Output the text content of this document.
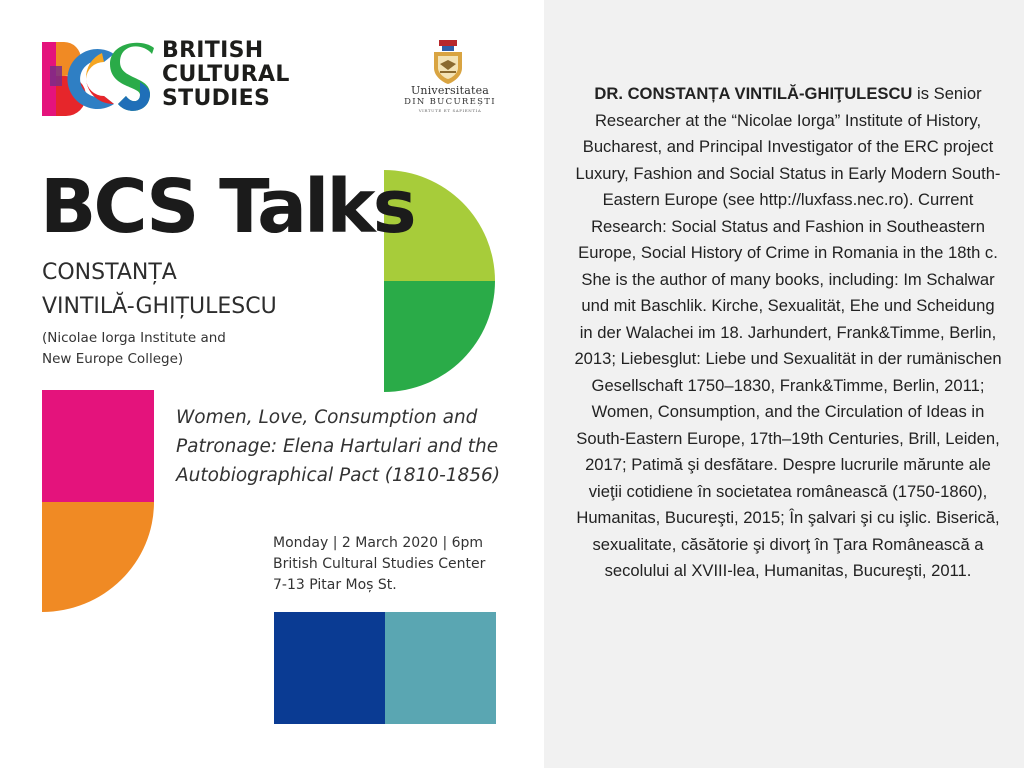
BRITISH
CULTURAL
STUDIES	Universitatea
DIN BUCUREȘTI
VIRTUTE ET SAPIENTIA
BCS Talks
CONSTANȚA
VINTILĂ-GHIȚULESCU
(Nicolae Iorga Institute and
New Europe College)
Women, Love, Consumption and
Patronage: Elena Hartulari and the
Autobiographical Pact (1810-1856)
Monday | 2 March 2020 | 6pm
British Cultural Studies Center
7-13 Pitar Moș St.

DR. CONSTANȚA VINTILĂ-GHIŢULESCU is Senior Researcher at the “Nicolae Iorga” Institute of History, Bucharest, and Principal Investigator of the ERC project Luxury, Fashion and Social Status in Early Modern South-Eastern Europe (see http://luxfass.nec.ro). Current Research: Social Status and Fashion in Southeastern Europe, Social History of Crime in Romania in the 18th c. She is the author of many books, including: Im Schalwar und mit Baschlik. Kirche, Sexualität, Ehe und Scheidung in der Walachei im 18. Jarhundert, Frank&Timme, Berlin, 2013; Liebesglut: Liebe und Sexualität in der rumänischen Gesellschaft 1750–1830, Frank&Timme, Berlin, 2011; Women, Consumption, and the Circulation of Ideas in South-Eastern Europe, 17th–19th Centuries, Brill, Leiden, 2017; Patimă şi desfătare. Despre lucrurile mărunte ale vieţii cotidiene în societatea românească (1750-1860), Humanitas, Bucureşti, 2015; În şalvari şi cu işlic. Biserică, sexualitate, căsătorie şi divorţ în Ţara Românească a secolului al XVIII-lea, Humanitas, Bucureşti, 2011.
